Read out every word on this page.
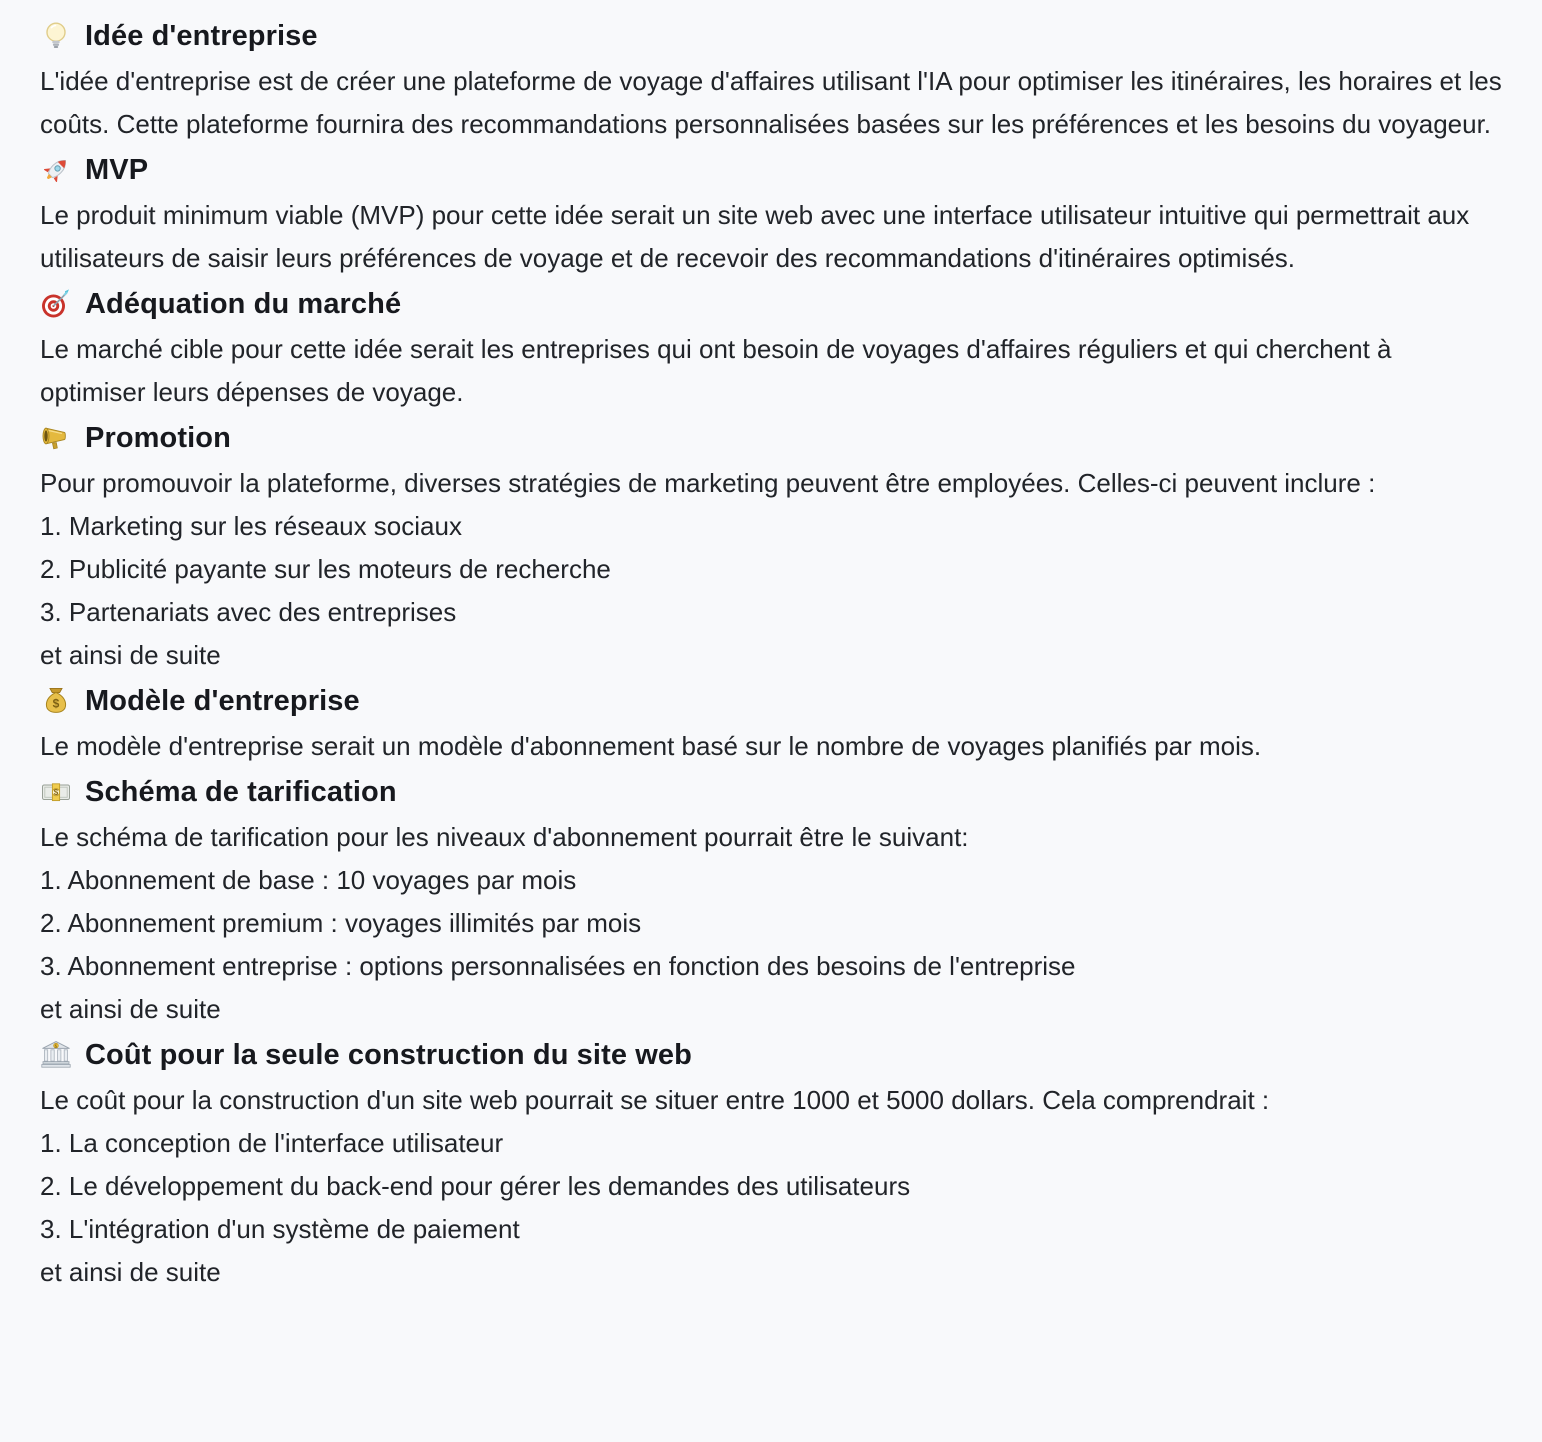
Idée d'entreprise

L'idée d'entreprise est de créer une plateforme de voyage d'affaires utilisant l'IA pour optimiser les itinéraires, les horaires et les coûts. Cette plateforme fournira des recommandations personnalisées basées sur les préférences et les besoins du voyageur.

MVP

Le produit minimum viable (MVP) pour cette idée serait un site web avec une interface utilisateur intuitive qui permettrait aux utilisateurs de saisir leurs préférences de voyage et de recevoir des recommandations d'itinéraires optimisés.

Adéquation du marché

Le marché cible pour cette idée serait les entreprises qui ont besoin de voyages d'affaires réguliers et qui cherchent à optimiser leurs dépenses de voyage.

Promotion

Pour promouvoir la plateforme, diverses stratégies de marketing peuvent être employées. Celles-ci peuvent inclure :

1. Marketing sur les réseaux sociaux

2. Publicité payante sur les moteurs de recherche

3. Partenariats avec des entreprises

et ainsi de suite

$ Modèle d'entreprise

Le modèle d'entreprise serait un modèle d'abonnement basé sur le nombre de voyages planifiés par mois.

$ Schéma de tarification

Le schéma de tarification pour les niveaux d'abonnement pourrait être le suivant:

1. Abonnement de base : 10 voyages par mois

2. Abonnement premium : voyages illimités par mois

3. Abonnement entreprise : options personnalisées en fonction des besoins de l'entreprise

et ainsi de suite

$ Coût pour la seule construction du site web

Le coût pour la construction d'un site web pourrait se situer entre 1000 et 5000 dollars. Cela comprendrait :

1. La conception de l'interface utilisateur

2. Le développement du back-end pour gérer les demandes des utilisateurs

3. L'intégration d'un système de paiement

et ainsi de suite
